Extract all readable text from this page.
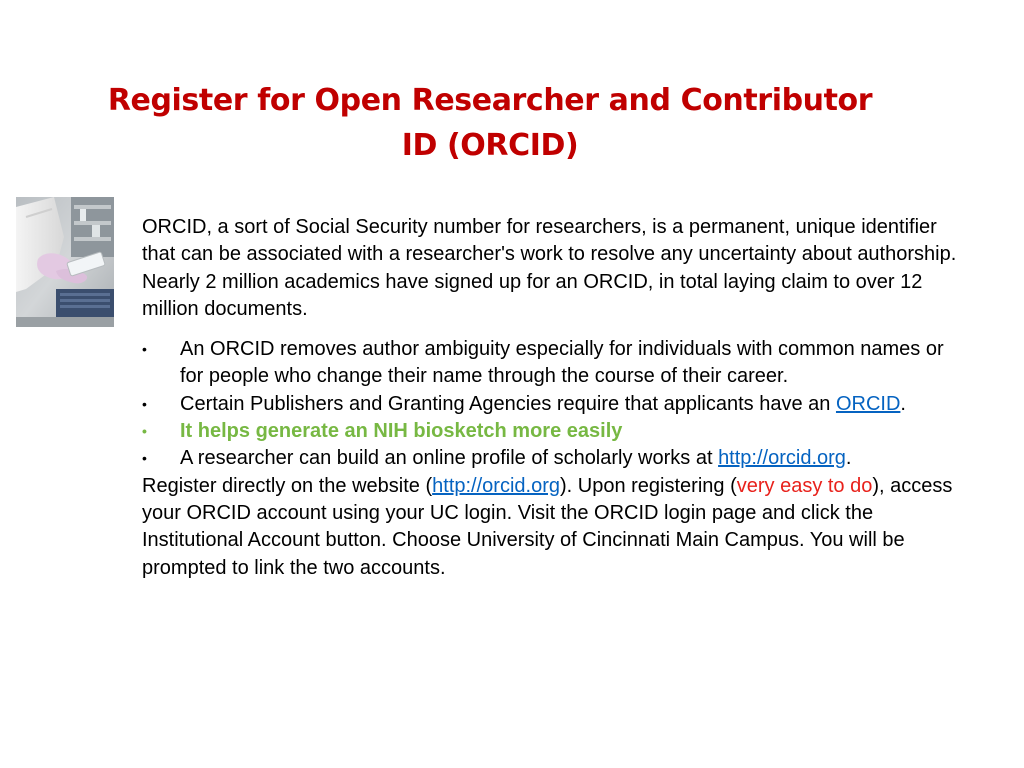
Register for Open Researcher and Contributor
ID (ORCID)

ORCID, a sort of Social Security number for researchers, is a permanent, unique identifier that can be associated with a researcher's work to resolve any uncertainty about authorship. Nearly 2 million academics have signed up for an ORCID, in total laying claim to over 12 million documents.

• An ORCID removes author ambiguity especially for individuals with common names or for people who change their name through the course of their career.
• Certain Publishers and Granting Agencies require that applicants have an ORCID.
• It helps generate an NIH biosketch more easily
• A researcher can build an online profile of scholarly works at http://orcid.org.
Register directly on the website (http://orcid.org). Upon registering (very easy to do), access your ORCID account using your UC login. Visit the ORCID login page and click the Institutional Account button. Choose University of Cincinnati Main Campus. You will be prompted to link the two accounts.
